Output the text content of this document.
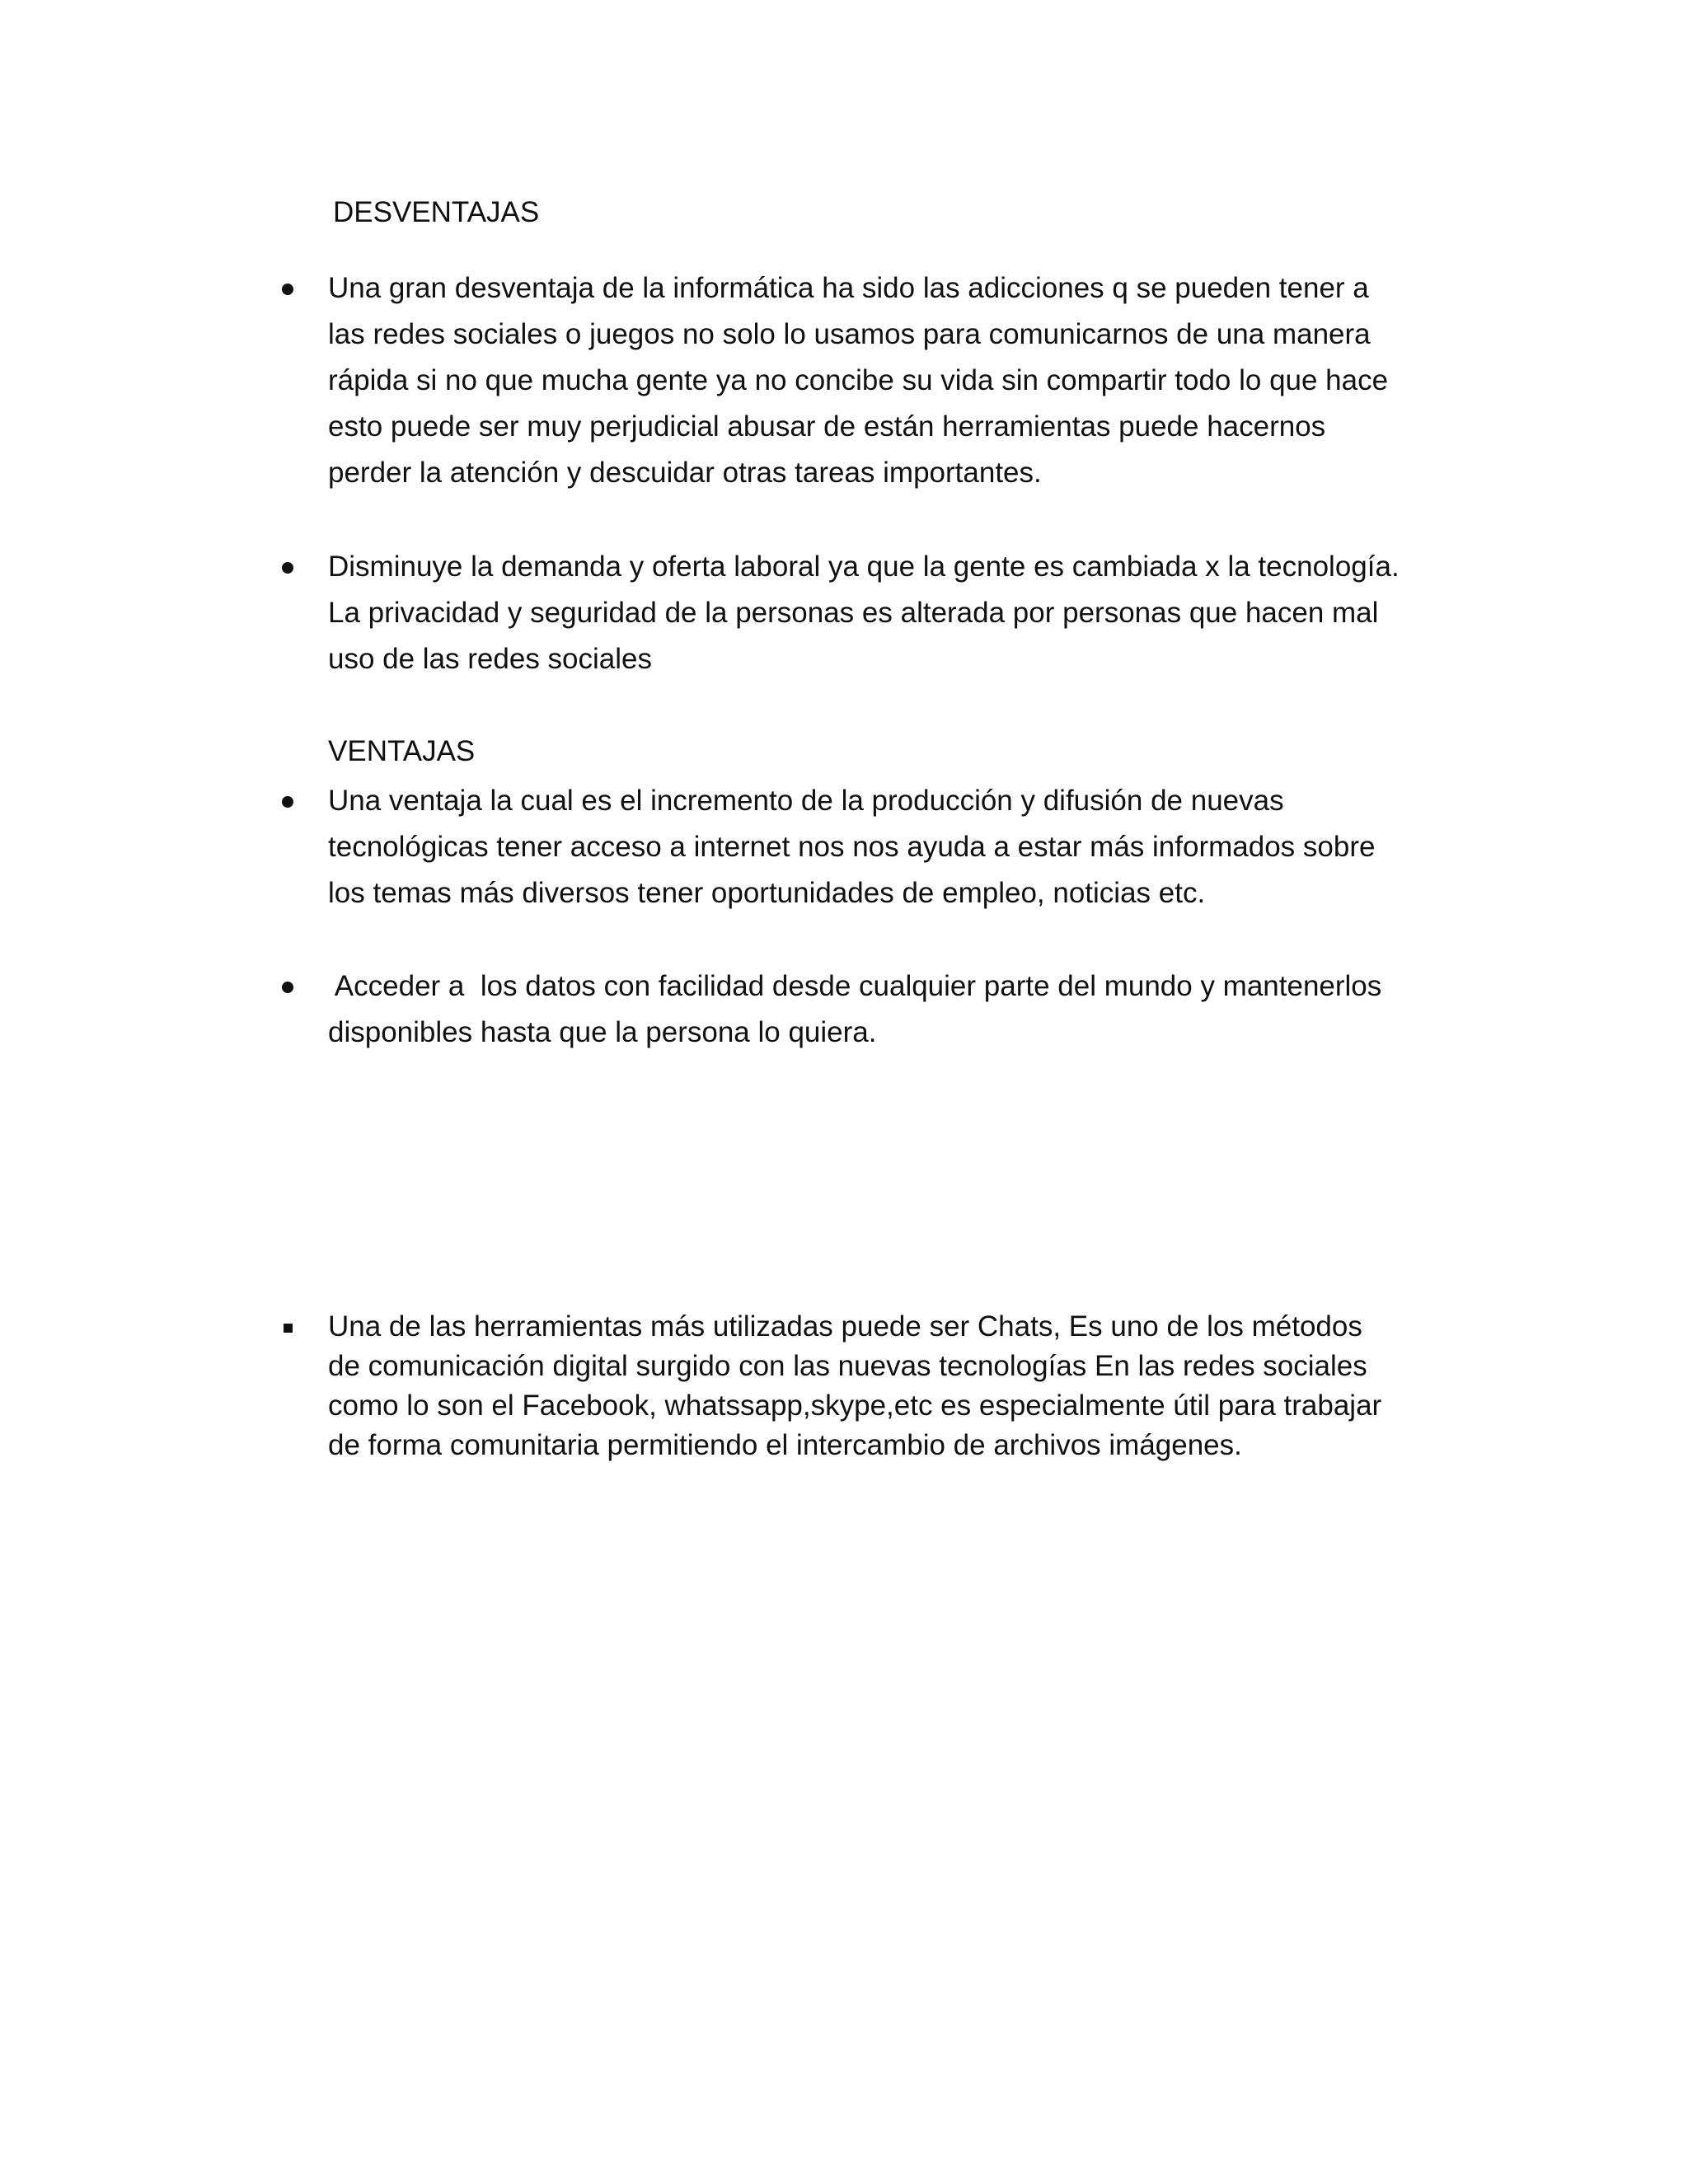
DESVENTAJAS
Una gran desventaja de la informática ha sido las adicciones q se pueden tener a
las redes sociales o juegos no solo lo usamos para comunicarnos de una manera
rápida si no que mucha gente ya no concibe su vida sin compartir todo lo que hace
esto puede ser muy perjudicial abusar de están herramientas puede hacernos
perder la atención y descuidar otras tareas importantes.
Disminuye la demanda y oferta laboral ya que la gente es cambiada x la tecnología.
La privacidad y seguridad de la personas es alterada por personas que hacen mal
uso de las redes sociales
VENTAJAS
Una ventaja la cual es el incremento de la producción y difusión de nuevas
tecnológicas tener acceso a internet nos nos ayuda a estar más informados sobre
los temas más diversos tener oportunidades de empleo, noticias etc.
Acceder a  los datos con facilidad desde cualquier parte del mundo y mantenerlos
disponibles hasta que la persona lo quiera.
Una de las herramientas más utilizadas puede ser Chats, Es uno de los métodos
de comunicación digital surgido con las nuevas tecnologías En las redes sociales
como lo son el Facebook, whatssapp,skype,etc es especialmente útil para trabajar
de forma comunitaria permitiendo el intercambio de archivos imágenes.
